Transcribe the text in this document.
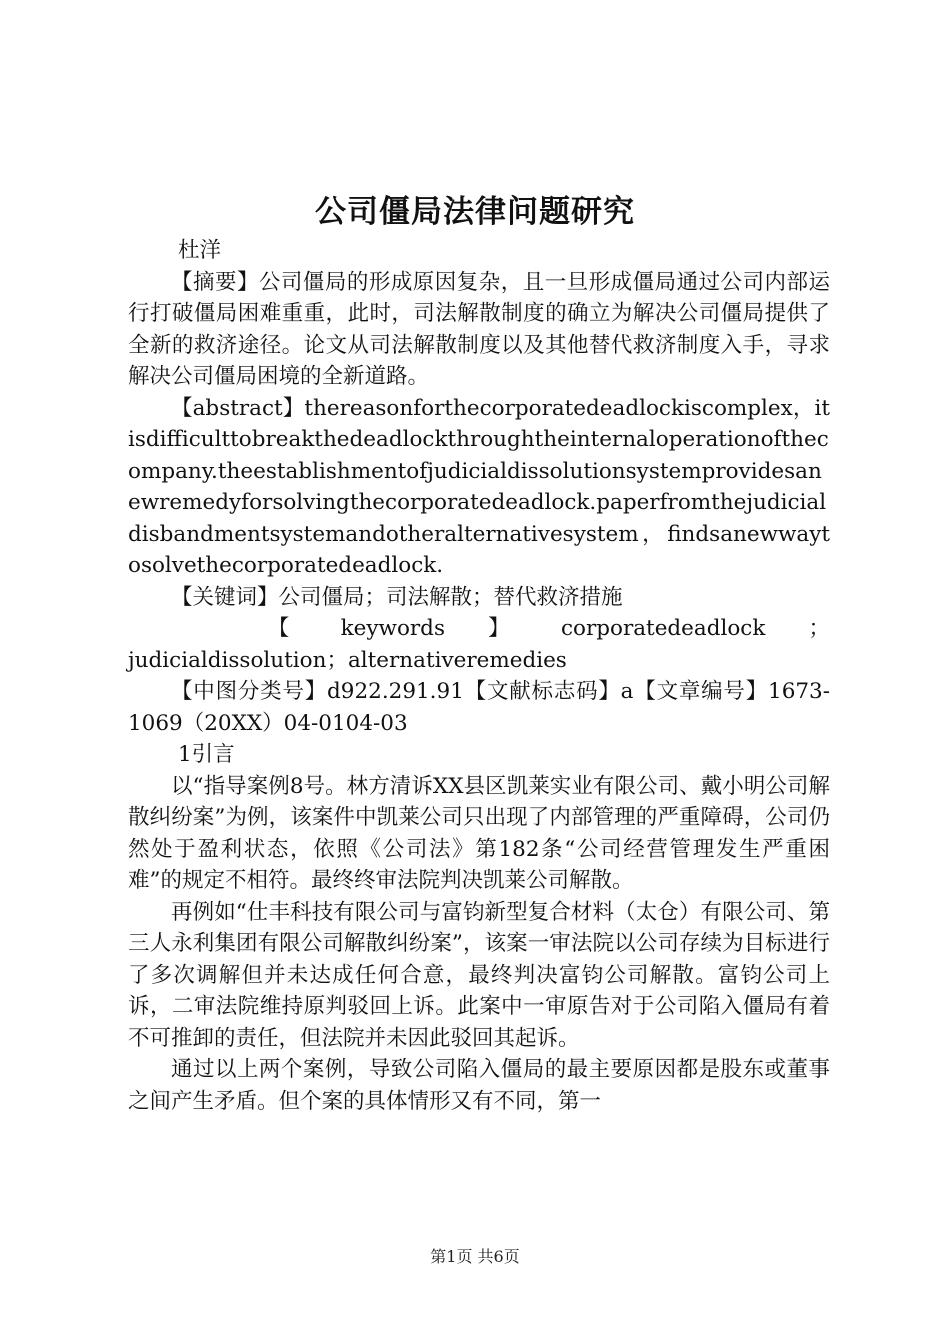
公司僵局法律问题研究

杜洋

【摘要】公司僵局的形成原因复杂，且一旦形成僵局通过公司内部运行打破僵局困难重重，此时，司法解散制度的确立为解决公司僵局提供了全新的救济途径。论文从司法解散制度以及其他替代救济制度入手，寻求解决公司僵局困境的全新道路。

【abstract】thereasonforthecorporatedeadlockiscomplex，itisdifficulttobreakthedeadlockthroughtheinternaloperationofthecompany.theestablishmentofjudicialdissolutionsystemprovidesanewremedyforsolvingthecorporatedeadlock.paperfromthejudicialdisbandmentsystemandotheralternativesystem，findsanewwaytosolvethecorporatedeadlock.

【关键词】公司僵局；司法解散；替代救济措施

【 keywords 】 corporatedeadlock ；judicialdissolution；alternativeremedies

【中图分类号】d922.291.91【文献标志码】a【文章编号】1673-1069（20XX）04-0104-03

1引言

以“指导案例8号。林方清诉XX县区凯莱实业有限公司、戴小明公司解散纠纷案”为例，该案件中凯莱公司只出现了内部管理的严重障碍，公司仍然处于盈利状态，依照《公司法》第182条“公司经营管理发生严重困难”的规定不相符。最终终审法院判决凯莱公司解散。

再例如“仕丰科技有限公司与富钧新型复合材料（太仓）有限公司、第三人永利集团有限公司解散纠纷案”，该案一审法院以公司存续为目标进行了多次调解但并未达成任何合意，最终判决富钧公司解散。富钧公司上诉，二审法院维持原判驳回上诉。此案中一审原告对于公司陷入僵局有着不可推卸的责任，但法院并未因此驳回其起诉。

通过以上两个案例，导致公司陷入僵局的最主要原因都是股东或董事之间产生矛盾。但个案的具体情形又有不同，第一

第1页 共6页
